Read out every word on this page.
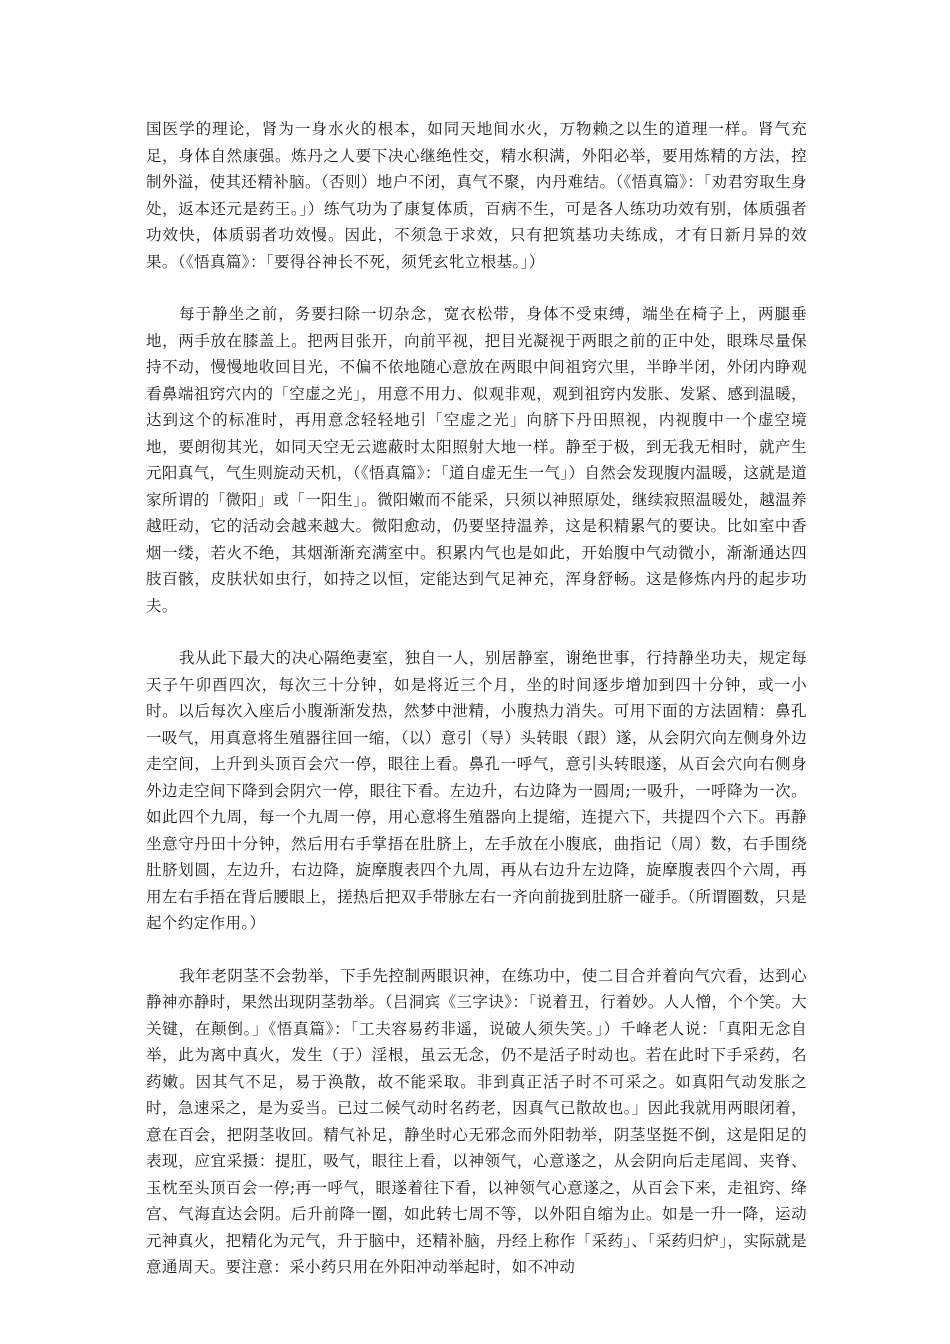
国医学的理论，肾为一身水火的根本，如同天地间水火，万物赖之以生的道理一样。肾气充足，身体自然康强。炼丹之人要下决心继绝性交，精水积满，外阳必举，要用炼精的方法，控制外溢，使其还精补脑。（否则）地户不闭，真气不聚，内丹难结。（《悟真篇》：「劝君穷取生身处，返本还元是药王。」）练气功为了康复体质，百病不生，可是各人练功功效有别，体质强者功效快，体质弱者功效慢。因此，不须急于求效，只有把筑基功夫练成，才有日新月异的效果。（《悟真篇》：「要得谷神长不死，须凭玄牝立根基。」）

每于静坐之前，务要扫除一切杂念，宽衣松带，身体不受束缚，端坐在椅子上，两腿垂地，两手放在膝盖上。把两目张开，向前平视，把目光凝视于两眼之前的正中处，眼珠尽量保持不动，慢慢地收回目光，不偏不依地随心意放在两眼中间祖窍穴里，半睁半闭，外闭内睁观看鼻端祖窍穴内的「空虚之光」，用意不用力、似观非观，观到祖窍内发胀、发紧、感到温暖，达到这个的标准时，再用意念轻轻地引「空虚之光」向脐下丹田照视，内视腹中一个虚空境地，要朗彻其光，如同天空无云遮蔽时太阳照射大地一样。静至于极，到无我无相时，就产生元阳真气，气生则旋动天机，（《悟真篇》：「道自虚无生一气」）自然会发现腹内温暖，这就是道家所谓的「微阳」或「一阳生」。微阳嫩而不能采，只须以神照原处，继续寂照温暖处，越温养越旺动，它的活动会越来越大。微阳愈动，仍要坚持温养，这是积精累气的要诀。比如室中香烟一缕，若火不绝，其烟渐渐充满室中。积累内气也是如此，开始腹中气动微小，渐渐通达四肢百骸，皮肤状如虫行，如持之以恒，定能达到气足神充，浑身舒畅。这是修炼内丹的起步功夫。

我从此下最大的决心隔绝妻室，独自一人，别居静室，谢绝世事，行持静坐功夫，规定每天子午卯酉四次，每次三十分钟，如是将近三个月，坐的时间逐步增加到四十分钟，或一小时。以后每次入座后小腹渐渐发热，然梦中泄精，小腹热力消失。可用下面的方法固精：鼻孔一吸气，用真意将生殖器往回一缩，（以）意引（导）头转眼（跟）遂，从会阴穴向左侧身外边走空间，上升到头顶百会穴一停，眼往上看。鼻孔一呼气，意引头转眼遂，从百会穴向右侧身外边走空间下降到会阴穴一停，眼往下看。左边升，右边降为一圆周;一吸升，一呼降为一次。如此四个九周，每一个九周一停，用心意将生殖器向上提缩，连提六下，共提四个六下。再静坐意守丹田十分钟，然后用右手掌捂在肚脐上，左手放在小腹底，曲指记（周）数，右手围绕肚脐划圆，左边升，右边降，旋摩腹表四个九周，再从右边升左边降，旋摩腹表四个六周，再用左右手捂在背后腰眼上，搓热后把双手带脉左右一齐向前拢到肚脐一碰手。（所谓圈数，只是起个约定作用。）

我年老阴茎不会勃举，下手先控制两眼识神，在练功中，使二目合并着向气穴看，达到心静神亦静时，果然出现阴茎勃举。（吕洞宾《三字诀》：「说着丑，行着妙。人人憎，个个笑。大关键，在颠倒。」《悟真篇》：「工夫容易药非遥，说破人须失笑。」）千峰老人说：「真阳无念自举，此为离中真火，发生（于）淫根，虽云无念，仍不是活子时动也。若在此时下手采药，名药嫩。因其气不足，易于涣散，故不能采取。非到真正活子时不可采之。如真阳气动发胀之时，急速采之，是为妥当。已过二候气动时名药老，因真气已散故也。」因此我就用两眼闭着，意在百会，把阴茎收回。精气补足，静坐时心无邪念而外阳勃举，阴茎坚挺不倒，这是阳足的表现，应宜采摄：提肛，吸气，眼往上看，以神领气，心意遂之，从会阴向后走尾闾、夹脊、玉枕至头顶百会一停;再一呼气，眼遂着往下看，以神领气心意遂之，从百会下来，走祖窍、绛宫、气海直达会阴。后升前降一圈，如此转七周不等，以外阳自缩为止。如是一升一降，运动元神真火，把精化为元气，升于脑中，还精补脑，丹经上称作「采药」、「采药归炉」，实际就是意通周天。要注意：采小药只用在外阳冲动举起时，如不冲动
